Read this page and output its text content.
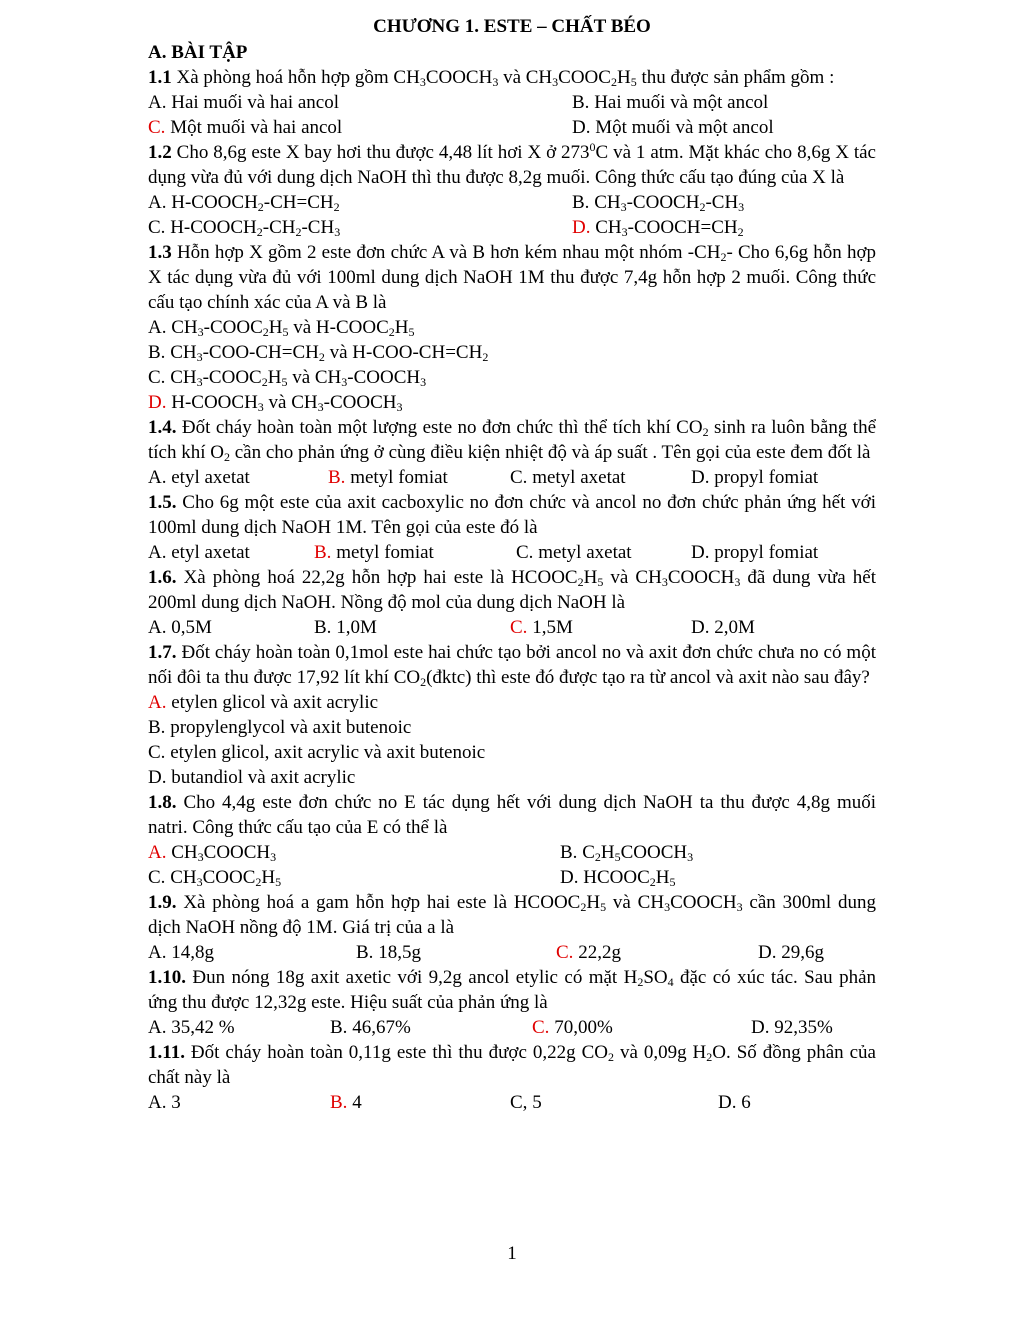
CHƯƠNG 1. ESTE – CHẤT BÉO
A. BÀI TẬP

1.1 Xà phòng hoá hỗn hợp gồm $CH_3COOCH_3$ và $CH_3COOC_2H_5$ thu được sản phẩm gồm :

A. Hai muối và hai ancol	B. Hai muối và một ancol
C. Một muối và hai ancol	D. Một muối và một ancol

1.2 Cho 8,6g este X bay hơi thu được 4,48 lít hơi X ở $273^0C$ và 1 atm. Mặt khác cho 8,6g X tác dụng vừa đủ với dung dịch NaOH thì thu được 8,2g muối. Công thức cấu tạo đúng của X là

A. $H-COOCH_2-CH=CH_2$	B. $CH_3-COOCH_2-CH_3$
C. $H-COOCH_2-CH_2-CH_3$	D. $CH_3-COOCH=CH_2$

1.3 Hỗn hợp X gồm 2 este đơn chức A và B hơn kém nhau một nhóm $-CH_2-$ Cho 6,6g hỗn hợp X tác dụng vừa đủ với 100ml dung dịch NaOH 1M thu được 7,4g hỗn hợp 2 muối. Công thức cấu tạo chính xác của A và B là

A. $CH_3-COOC_2H_5$ và $H-COOC_2H_5$
B. $CH_3-COO-CH=CH_2$ và $H-COO-CH=CH_2$
C. $CH_3-COOC_2H_5$ và $CH_3-COOCH_3$
D. $H-COOCH_3$ và $CH_3-COOCH_3$

1.4. Đốt cháy hoàn toàn một lượng este no đơn chức thì thể tích khí $CO_2$ sinh ra luôn bằng thể tích khí $O_2$ cần cho phản ứng ở cùng điều kiện nhiệt độ và áp suất . Tên gọi của este đem đốt là

A. etyl axetat	B. metyl fomiat	C. metyl axetat	D. propyl fomiat

1.5. Cho 6g một este của axit cacboxylic no đơn chức và ancol no đơn chức phản ứng hết với 100ml dung dịch NaOH 1M. Tên gọi của este đó là

A. etyl axetat	B. metyl fomiat	C. metyl axetat	D. propyl fomiat

1.6. Xà phòng hoá 22,2g hỗn hợp hai este là $HCOOC_2H_5$ và $CH_3COOCH_3$ đã dung vừa hết 200ml dung dịch NaOH. Nồng độ mol của dung dịch NaOH là

A. 0,5M	B. 1,0M	C. 1,5M	D. 2,0M

1.7. Đốt cháy hoàn toàn 0,1mol este hai chức tạo bởi ancol no và axit đơn chức chưa no có một nối đôi ta thu được 17,92 lít khí $CO_2(đktc)$ thì este đó được tạo ra từ ancol và axit nào sau đây?

A. etylen glicol và axit acrylic
B. propylenglycol và axit butenoic
C. etylen glicol, axit acrylic và axit butenoic
D. butandiol và axit acrylic

1.8. Cho 4,4g este đơn chức no E tác dụng hết với dung dịch NaOH ta thu được 4,8g muối natri. Công thức cấu tạo của E có thể là

A. $CH_3COOCH_3$	B. $C_2H_5COOCH_3$
C. $CH_3COOC_2H_5$	D. $HCOOC_2H_5$

1.9. Xà phòng hoá a gam hỗn hợp hai este là $HCOOC_2H_5$ và $CH_3COOCH_3$ cần 300ml dung dịch NaOH nồng độ 1M. Giá trị của a là

A. 14,8g	B. 18,5g	C. 22,2g	D. 29,6g

1.10. Đun nóng 18g axit axetic với 9,2g ancol etylic có mặt $H_2SO_4$ đặc có xúc tác. Sau phản ứng thu được 12,32g este. Hiệu suất của phản ứng là

A. 35,42 %	B. 46,67%	C. 70,00%	D. 92,35%

1.11. Đốt cháy hoàn toàn 0,11g este thì thu được 0,22g $CO_2$ và 0,09g $H_2O$. Số đồng phân của chất này là

A. 3	B. 4	C, 5	D. 6
1
